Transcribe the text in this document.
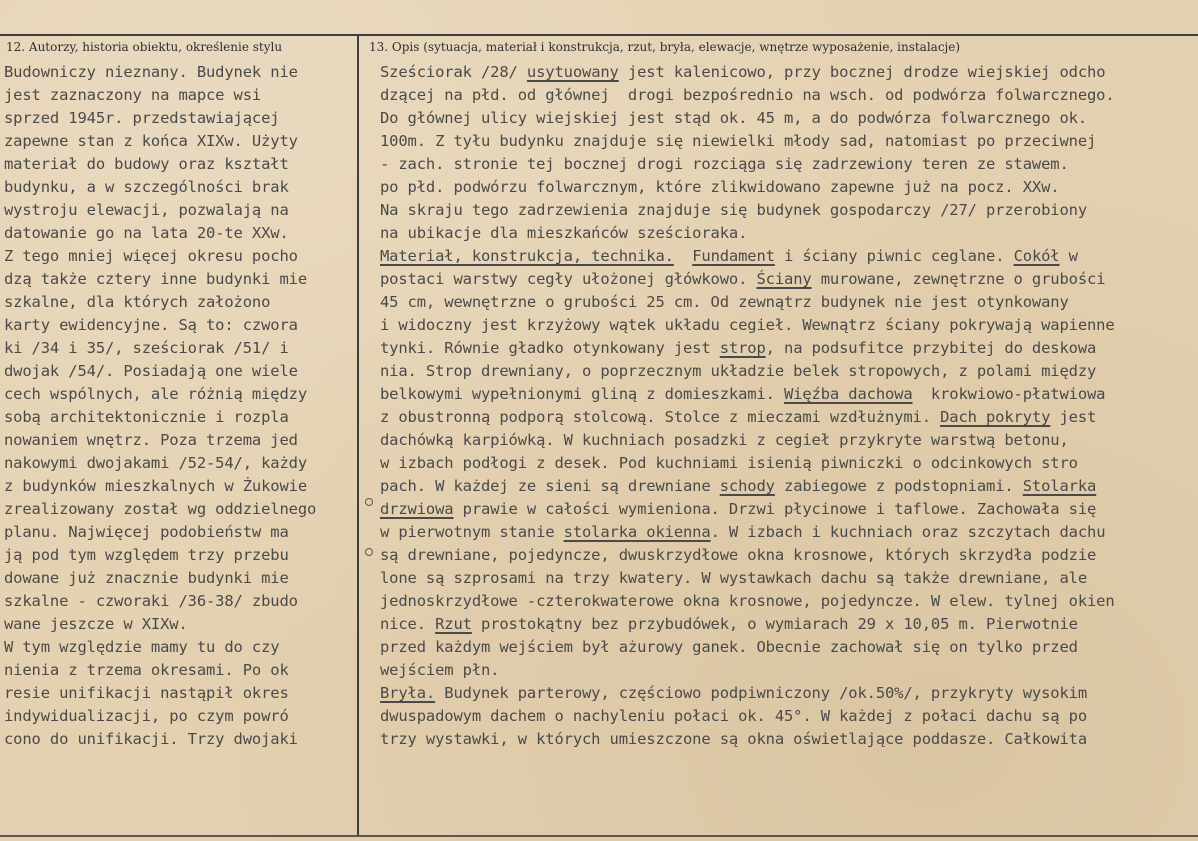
12. Autorzy, historia obiektu, określenie stylu	13. Opis (sytuacja, materiał i konstrukcja, rzut, bryła, elewacje, wnętrze wyposażenie, instalacje)
Budowniczy nieznany. Budynek nie
jest zaznaczony na mapce wsi
sprzed 1945r. przedstawiającej
zapewne stan z końca XIXw. Użyty
materiał do budowy oraz kształt
budynku, a w szczególności brak
wystroju elewacji, pozwalają na
datowanie go na lata 20-te XXw.
Z tego mniej więcej okresu pocho
dzą także cztery inne budynki mie
szkalne, dla których założono
karty ewidencyjne. Są to: czwora
ki /34 i 35/, sześciorak /51/ i
dwojak /54/. Posiadają one wiele
cech wspólnych, ale różnią między
sobą architektonicznie i rozpla
nowaniem wnętrz. Poza trzema jed
nakowymi dwojakami /52-54/, każdy
z budynków mieszkalnych w Żukowie
zrealizowany został wg oddzielnego
planu. Najwięcej podobieństw ma
ją pod tym względem trzy przebu
dowane już znacznie budynki mie
szkalne - czworaki /36-38/ zbudo
wane jeszcze w XIXw.
W tym względzie mamy tu do czy
nienia z trzema okresami. Po ok
resie unifikacji nastąpił okres
indywidualizacji, po czym powró
cono do unifikacji. Trzy dwojaki
Sześciorak /28/ usytuowany jest kalenicowo, przy bocznej drodze wiejskiej odcho
dzącej na płd. od głównej  drogi bezpośrednio na wsch. od podwórza folwarcznego.
Do głównej ulicy wiejskiej jest stąd ok. 45 m, a do podwórza folwarcznego ok.
100m. Z tyłu budynku znajduje się niewielki młody sad, natomiast po przeciwnej
- zach. stronie tej bocznej drogi rozciąga się zadrzewiony teren ze stawem.
po płd. podwórzu folwarcznym, które zlikwidowano zapewne już na pocz. XXw.
Na skraju tego zadrzewienia znajduje się budynek gospodarczy /27/ przerobiony
na ubikacje dla mieszkańców sześcioraka.
Materiał, konstrukcja, technika. Fundament i ściany piwnic ceglane. Cokół w
postaci warstwy cegły ułożonej główkowo. Ściany murowane, zewnętrzne o grubości
45 cm, wewnętrzne o grubości 25 cm. Od zewnątrz budynek nie jest otynkowany
i widoczny jest krzyżowy wątek układu cegieł. Wewnątrz ściany pokrywają wapienne
tynki. Równie gładko otynkowany jest strop, na podsufitce przybitej do deskowa
nia. Strop drewniany, o poprzecznym układzie belek stropowych, z polami między
belkowymi wypełnionymi gliną z domieszkami. Więźba dachowa  krokwiowo-płatwiowa
z obustronną podporą stolcową. Stolce z mieczami wzdłużnymi. Dach pokryty jest
dachówką karpiówką. W kuchniach posadzki z cegieł przykryte warstwą betonu,
w izbach podłogi z desek. Pod kuchniami isienią piwniczki o odcinkowych stro
pach. W każdej ze sieni są drewniane schody zabiegowe z podstopniami. Stolarka
drzwiowa prawie w całości wymieniona. Drzwi płycinowe i taflowe. Zachowała się
w pierwotnym stanie stolarka okienna. W izbach i kuchniach oraz szczytach dachu
są drewniane, pojedyncze, dwuskrzydłowe okna krosnowe, których skrzydła podzie
lone są szprosami na trzy kwatery. W wystawkach dachu są także drewniane, ale
jednoskrzydłowe -czterokwaterowe okna krosnowe, pojedyncze. W elew. tylnej okien
nice. Rzut prostokątny bez przybudówek, o wymiarach 29 x 10,05 m. Pierwotnie
przed każdym wejściem był ażurowy ganek. Obecnie zachował się on tylko przed
wejściem płn.
Bryła. Budynek parterowy, częściowo podpiwniczony /ok.50%/, przykryty wysokim
dwuspadowym dachem o nachyleniu połaci ok. 45°. W każdej z połaci dachu są po
trzy wystawki, w których umieszczone są okna oświetlające poddasze. Całkowita
